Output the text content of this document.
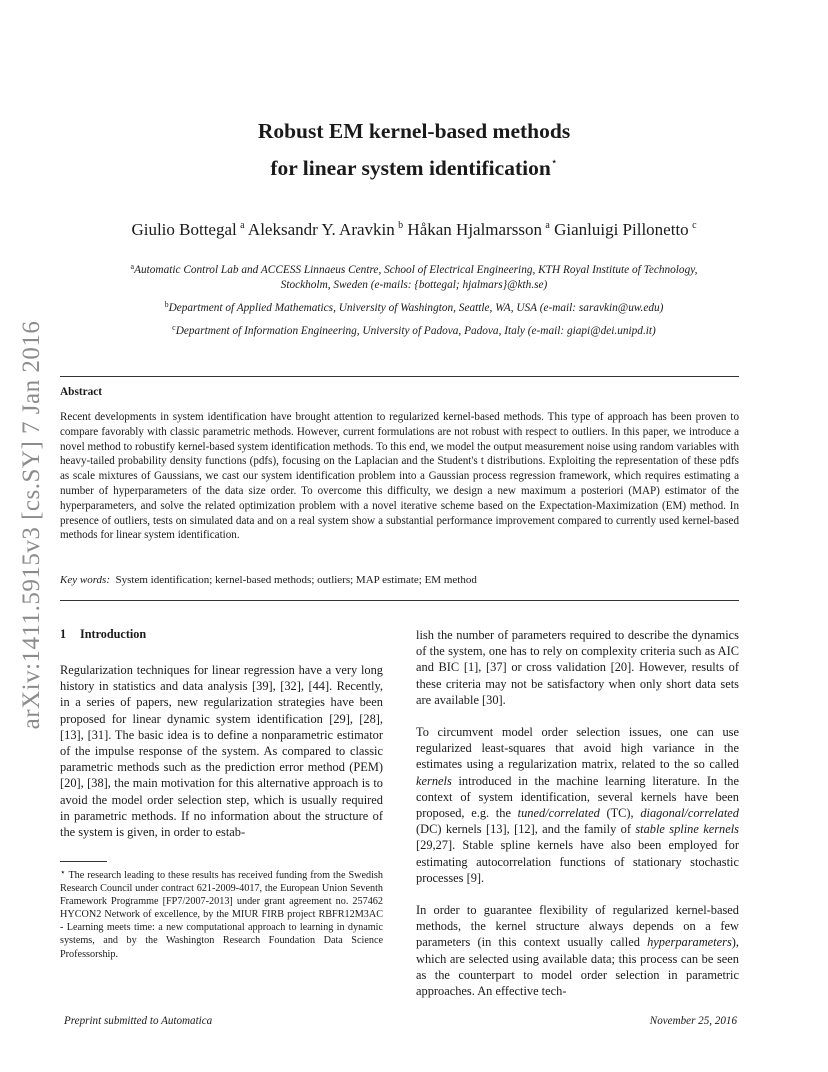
arXiv:1411.5915v3 [cs.SY] 7 Jan 2016
Robust EM kernel-based methods
for linear system identification⋆
Giulio Bottegal  $^a$ Aleksandr Y. Aravkin  $^b$ Håkan Hjalmarsson  $^a$ Gianluigi Pillonetto  $^c$
$^a$Automatic Control Lab and ACCESS Linnaeus Centre, School of Electrical Engineering, KTH Royal Institute of Technology,
Stockholm, Sweden (e-mails: {bottegal; hjalmars}@kth.se)
$^b$Department of Applied Mathematics, University of Washington, Seattle, WA, USA (e-mail: saravkin@uw.edu)
$^c$Department of Information Engineering, University of Padova, Padova, Italy (e-mail: giapi@dei.unipd.it)
Abstract
Recent developments in system identification have brought attention to regularized kernel-based methods. This type of approach has been proven to compare favorably with classic parametric methods. However, current formulations are not robust with respect to outliers. In this paper, we introduce a novel method to robustify kernel-based system identification methods. To this end, we model the output measurement noise using random variables with heavy-tailed probability density functions (pdfs), focusing on the Laplacian and the Student's t distributions. Exploiting the representation of these pdfs as scale mixtures of Gaussians, we cast our system identification problem into a Gaussian process regression framework, which requires estimating a number of hyperparameters of the data size order. To overcome this difficulty, we design a new maximum a posteriori (MAP) estimator of the hyperparameters, and solve the related optimization problem with a novel iterative scheme based on the Expectation-Maximization (EM) method. In presence of outliers, tests on simulated data and on a real system show a substantial performance improvement compared to currently used kernel-based methods for linear system identification.
Key words: System identification; kernel-based methods; outliers; MAP estimate; EM method
1 Introduction

Regularization techniques for linear regression have a very long history in statistics and data analysis [39], [32], [44]. Recently, in a series of papers, new regularization strategies have been proposed for linear dynamic system identification [29], [28], [13], [31]. The basic idea is to define a nonparametric estimator of the impulse response of the system. As compared to classic parametric methods such as the prediction error method (PEM) [20], [38], the main motivation for this alternative approach is to avoid the model order selection step, which is usually required in parametric methods. If no information about the structure of the system is given, in order to estab-

⋆ The research leading to these results has received funding from the Swedish Research Council under contract 621-2009-4017, the European Union Seventh Framework Programme [FP7/2007-2013] under grant agreement no. 257462 HYCON2 Network of excellence, by the MIUR FIRB project RBFR12M3AC - Learning meets time: a new computational approach to learning in dynamic systems, and by the Washington Research Foundation Data Science Professorship.

lish the number of parameters required to describe the dynamics of the system, one has to rely on complexity criteria such as AIC and BIC [1], [37] or cross validation [20]. However, results of these criteria may not be satisfactory when only short data sets are available [30].

To circumvent model order selection issues, one can use regularized least-squares that avoid high variance in the estimates using a regularization matrix, related to the so called kernels introduced in the machine learning literature. In the context of system identification, several kernels have been proposed, e.g. the tuned/correlated (TC), diagonal/correlated (DC) kernels [13], [12], and the family of stable spline kernels [29,27]. Stable spline kernels have also been employed for estimating autocorrelation functions of stationary stochastic processes [9].

In order to guarantee flexibility of regularized kernel-based methods, the kernel structure always depends on a few parameters (in this context usually called hyperparameters), which are selected using available data; this process can be seen as the counterpart to model order selection in parametric approaches. An effective tech-

Preprint submitted to Automatica	November 25, 2016
